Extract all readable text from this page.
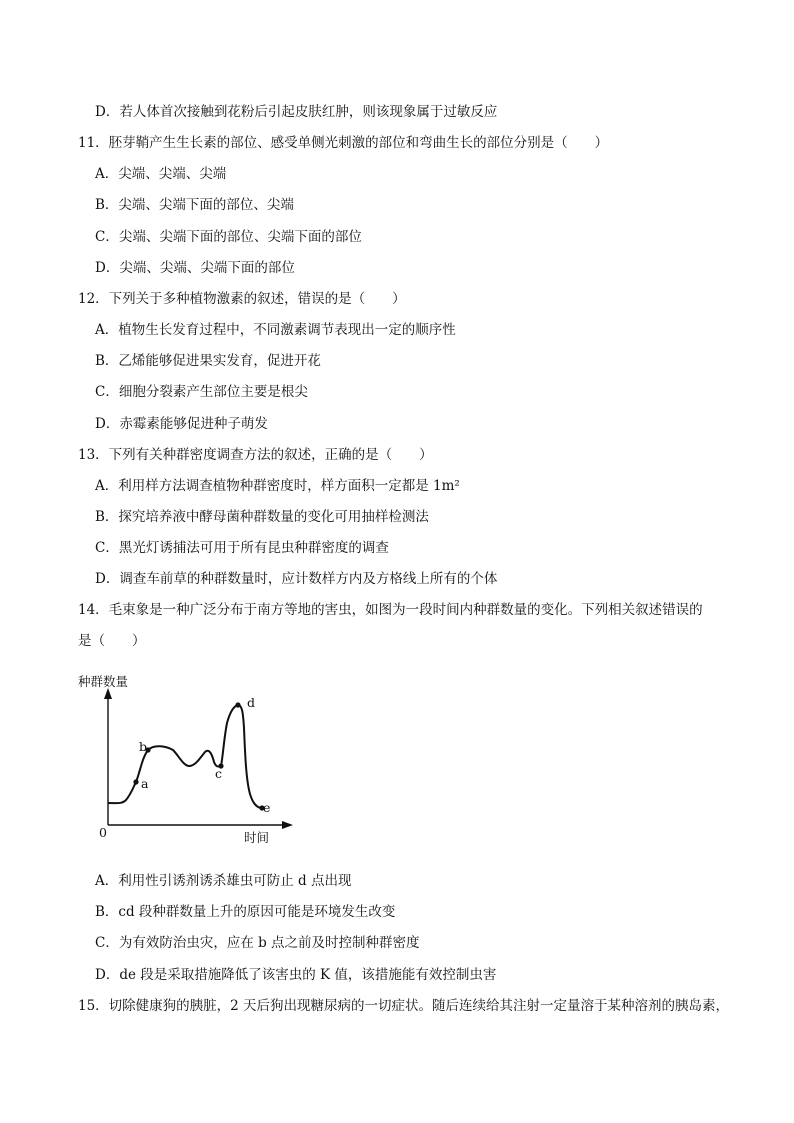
D．若人体首次接触到花粉后引起皮肤红肿，则该现象属于过敏反应
11．胚芽鞘产生生长素的部位、感受单侧光刺激的部位和弯曲生长的部位分别是（　　）
A．尖端、尖端、尖端
B．尖端、尖端下面的部位、尖端
C．尖端、尖端下面的部位、尖端下面的部位
D．尖端、尖端、尖端下面的部位
12．下列关于多种植物激素的叙述，错误的是（　　）
A．植物生长发育过程中，不同激素调节表现出一定的顺序性
B．乙烯能够促进果实发育，促进开花
C．细胞分裂素产生部位主要是根尖
D．赤霉素能够促进种子萌发
13．下列有关种群密度调查方法的叙述，正确的是（　　）
A．利用样方法调查植物种群密度时，样方面积一定都是 1m²
B．探究培养液中酵母菌种群数量的变化可用抽样检测法
C．黑光灯诱捕法可用于所有昆虫种群密度的调查
D．调查车前草的种群数量时，应计数样方内及方格线上所有的个体
14．毛束象是一种广泛分布于南方等地的害虫，如图为一段时间内种群数量的变化。下列相关叙述错误的
是（　　）
种群数量
时间
0
a
b
c
d
e
A．利用性引诱剂诱杀雄虫可防止 d 点出现
B．cd 段种群数量上升的原因可能是环境发生改变
C．为有效防治虫灾，应在 b 点之前及时控制种群密度
D．de 段是采取措施降低了该害虫的 K 值，该措施能有效控制虫害
15．切除健康狗的胰脏，2 天后狗出现糖尿病的一切症状。随后连续给其注射一定量溶于某种溶剂的胰岛素，
